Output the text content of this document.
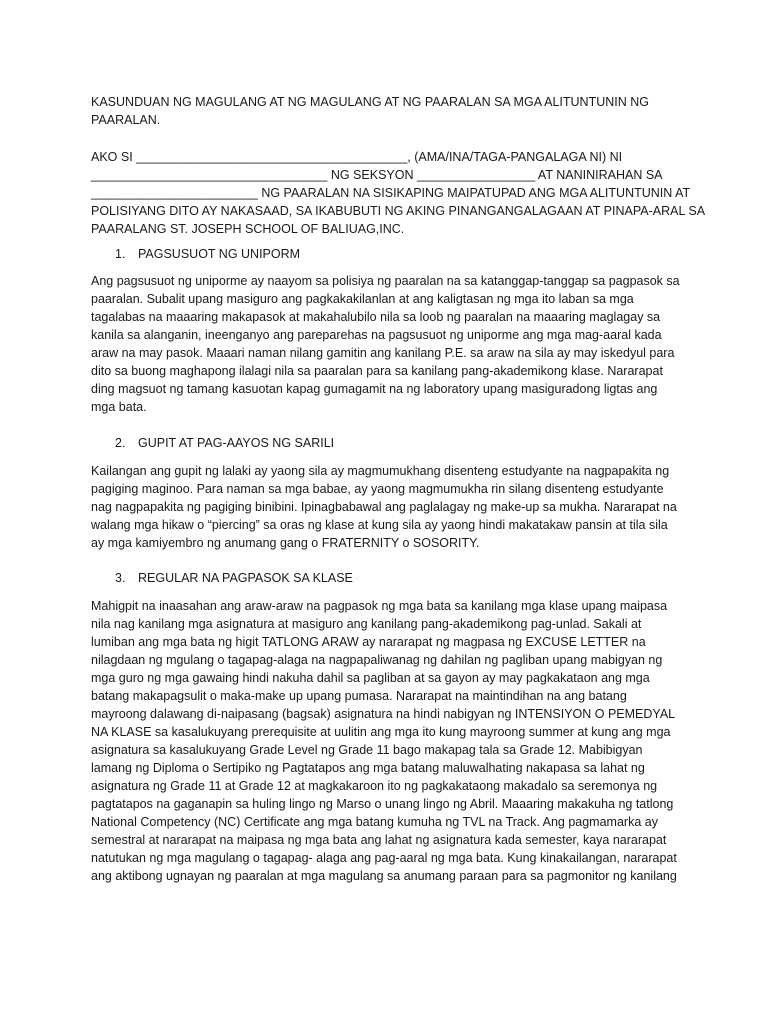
KASUNDUAN NG MAGULANG AT NG MAGULANG AT NG PAARALAN SA MGA ALITUNTUNIN NG
PAARALAN.
AKO SI _______________________________________, (AMA/INA/TAGA-PANGALAGA NI) NI
__________________________________ NG SEKSYON _________________ AT NANINIRAHAN SA
________________________ NG PAARALAN NA SISIKAPING MAIPATUPAD ANG MGA ALITUNTUNIN AT
POLISIYANG DITO AY NAKASAAD, SA IKABUBUTI NG AKING PINANGANGALAGAAN AT PINAPA-ARAL SA
PAARALANG ST. JOSEPH SCHOOL OF BALIUAG,INC.
1. PAGSUSUOT NG UNIPORM
Ang pagsusuot ng uniporme ay naayom sa polisiya ng paaralan na sa katanggap-tanggap sa pagpasok sa
paaralan. Subalit upang masiguro ang pagkakakilanlan at ang kaligtasan ng mga ito laban sa mga
tagalabas na maaaring makapasok at makahalubilo nila sa loob ng paaralan na maaaring maglagay sa
kanila sa alanganin, ineenganyo ang pareparehas na pagsusuot ng uniporme ang mga mag-aaral kada
araw na may pasok. Maaari naman nilang gamitin ang kanilang P.E. sa araw na sila ay may iskedyul para
dito sa buong maghapong ilalagi nila sa paaralan para sa kanilang pang-akademikong klase. Nararapat
ding magsuot ng tamang kasuotan kapag gumagamit na ng laboratory upang masiguradong ligtas ang
mga bata.
2. GUPIT AT PAG-AAYOS NG SARILI
Kailangan ang gupit ng lalaki ay yaong sila ay magmumukhang disenteng estudyante na nagpapakita ng
pagiging maginoo. Para naman sa mga babae, ay yaong magmumukha rin silang disenteng estudyante
nag nagpapakita ng pagiging binibini. Ipinagbabawal ang paglalagay ng make-up sa mukha. Nararapat na
walang mga hikaw o “piercing” sa oras ng klase at kung sila ay yaong hindi makatakaw pansin at tila sila
ay mga kamiyembro ng anumang gang o FRATERNITY o SOSORITY.
3. REGULAR NA PAGPASOK SA KLASE
Mahigpit na inaasahan ang araw-araw na pagpasok ng mga bata sa kanilang mga klase upang maipasa
nila nag kanilang mga asignatura at masiguro ang kanilang pang-akademikong pag-unlad. Sakali at
lumiban ang mga bata ng higit TATLONG ARAW ay nararapat ng magpasa ng EXCUSE LETTER na
nilagdaan ng mgulang o tagapag-alaga na nagpapaliwanag ng dahilan ng pagliban upang mabigyan ng
mga guro ng mga gawaing hindi nakuha dahil sa pagliban at sa gayon ay may pagkakataon ang mga
batang makapagsulit o maka-make up upang pumasa. Nararapat na maintindihan na ang batang
mayroong dalawang di-naipasang (bagsak) asignatura na hindi nabigyan ng INTENSIYON O PEMEDYAL
NA KLASE sa kasalukuyang prerequisite at uulitin ang mga ito kung mayroong summer at kung ang mga
asignatura sa kasalukuyang Grade Level ng Grade 11 bago makapag tala sa Grade 12. Mabibigyan
lamang ng Diploma o Sertipiko ng Pagtatapos ang mga batang maluwalhating nakapasa sa lahat ng
asignatura ng Grade 11 at Grade 12 at magkakaroon ito ng pagkakataong makadalo sa seremonya ng
pagtatapos na gaganapin sa huling lingo ng Marso o unang lingo ng Abril. Maaaring makakuha ng tatlong
National Competency (NC) Certificate ang mga batang kumuha ng TVL na Track. Ang pagmamarka ay
semestral at nararapat na maipasa ng mga bata ang lahat ng asignatura kada semester, kaya nararapat
natutukan ng mga magulang o tagapag- alaga ang pag-aaral ng mga bata. Kung kinakailangan, nararapat
ang aktibong ugnayan ng paaralan at mga magulang sa anumang paraan para sa pagmonitor ng kanilang
